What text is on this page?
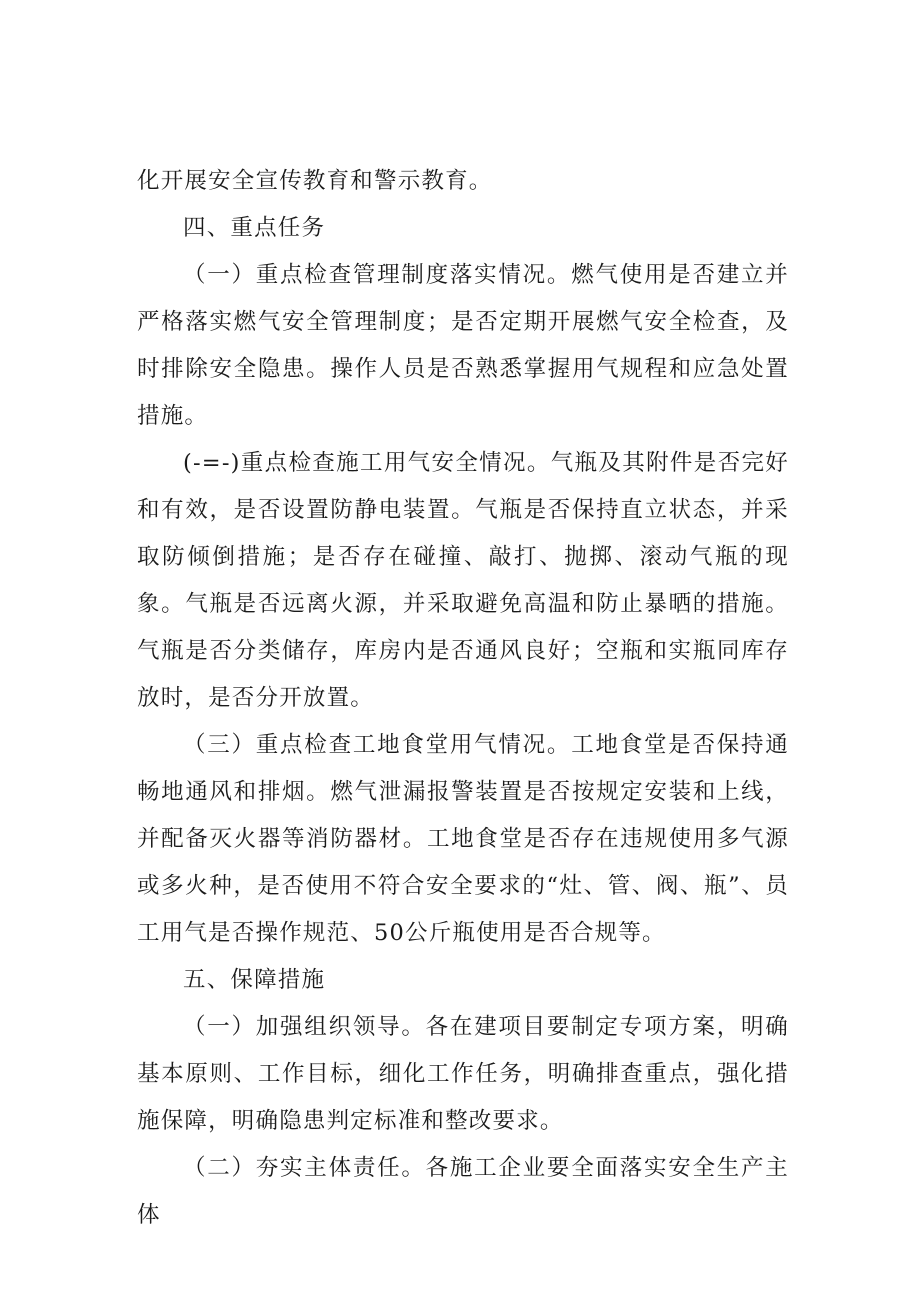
化开展安全宣传教育和警示教育。

四、重点任务

（一）重点检查管理制度落实情况。燃气使用是否建立并严格落实燃气安全管理制度；是否定期开展燃气安全检查，及时排除安全隐患。操作人员是否熟悉掌握用气规程和应急处置措施。

(-=-)重点检查施工用气安全情况。气瓶及其附件是否完好和有效，是否设置防静电装置。气瓶是否保持直立状态，并采取防倾倒措施；是否存在碰撞、敲打、抛掷、滚动气瓶的现象。气瓶是否远离火源，并采取避免高温和防止暴晒的措施。气瓶是否分类储存，库房内是否通风良好；空瓶和实瓶同库存放时，是否分开放置。

（三）重点检查工地食堂用气情况。工地食堂是否保持通畅地通风和排烟。燃气泄漏报警装置是否按规定安装和上线，并配备灭火器等消防器材。工地食堂是否存在违规使用多气源或多火种，是否使用不符合安全要求的“灶、管、阀、瓶”、员工用气是否操作规范、50公斤瓶使用是否合规等。

五、保障措施

（一）加强组织领导。各在建项目要制定专项方案，明确基本原则、工作目标，细化工作任务，明确排查重点，强化措施保障，明确隐患判定标准和整改要求。

（二）夯实主体责任。各施工企业要全面落实安全生产主体
